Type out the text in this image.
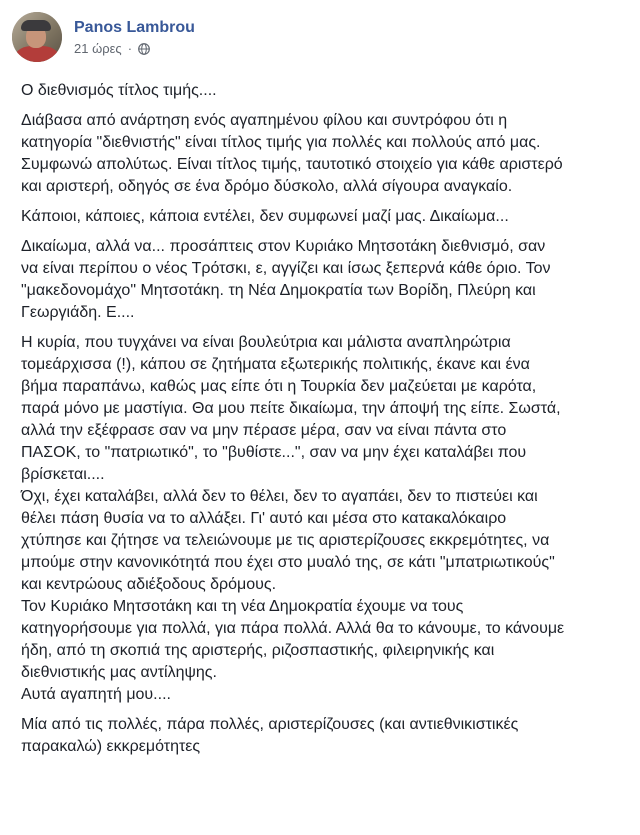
Panos Lambrou
21 ώρες ·

Ο διεθνισμός τίτλος τιμής....

Διάβασα από ανάρτηση ενός αγαπημένου φίλου και συντρόφου ότι η
κατηγορία "διεθνιστής" είναι τίτλος τιμής για πολλές και πολλούς από μας.
Συμφωνώ απολύτως. Είναι τίτλος τιμής, ταυτοτικό στοιχείο για κάθε αριστερό
και αριστερή, οδηγός σε ένα δρόμο δύσκολο, αλλά σίγουρα αναγκαίο.

Κάποιοι, κάποιες, κάποια εντέλει, δεν συμφωνεί μαζί μας. Δικαίωμα...

Δικαίωμα, αλλά να... προσάπτεις στον Κυριάκο Μητσοτάκη διεθνισμό, σαν
να είναι περίπου ο νέος Τρότσκι, ε, αγγίζει και ίσως ξεπερνά κάθε όριο. Τον
"μακεδονομάχο" Μητσοτάκη. τη Νέα Δημοκρατία των Βορίδη, Πλεύρη και
Γεωργιάδη. Ε....

Η κυρία, που τυγχάνει να είναι βουλεύτρια και μάλιστα αναπληρώτρια
τομεάρχισσα (!), κάπου σε ζητήματα εξωτερικής πολιτικής, έκανε και ένα
βήμα παραπάνω, καθώς μας είπε ότι η Τουρκία δεν μαζεύεται με καρότα,
παρά μόνο με μαστίγια. Θα μου πείτε δικαίωμα, την άποψή της είπε. Σωστά,
αλλά την εξέφρασε σαν να μην πέρασε μέρα, σαν να είναι πάντα στο
ΠΑΣΟΚ, το "πατριωτικό", το "βυθίστε...", σαν να μην έχει καταλάβει που
βρίσκεται....

Όχι, έχει καταλάβει, αλλά δεν το θέλει, δεν το αγαπάει, δεν το πιστεύει και
θέλει πάση θυσία να το αλλάξει. Γι' αυτό και μέσα στο κατακαλόκαιρο
χτύπησε και ζήτησε να τελειώνουμε με τις αριστερίζουσες εκκρεμότητες, να
μπούμε στην κανονικότητά που έχει στο μυαλό της, σε κάτι "μπατριωτικούς"
και κεντρώους αδιέξοδους δρόμους.

Τον Κυριάκο Μητσοτάκη και τη νέα Δημοκρατία έχουμε να τους
κατηγορήσουμε για πολλά, για πάρα πολλά. Αλλά θα το κάνουμε, το κάνουμε
ήδη, από τη σκοπιά της αριστερής, ριζοσπαστικής, φιλειρηνικής και
διεθνιστικής μας αντίληψης.

Αυτά αγαπητή μου....

Μία από τις πολλές, πάρα πολλές, αριστερίζουσες (και αντιεθνικιστικές
παρακαλώ) εκκρεμότητες
